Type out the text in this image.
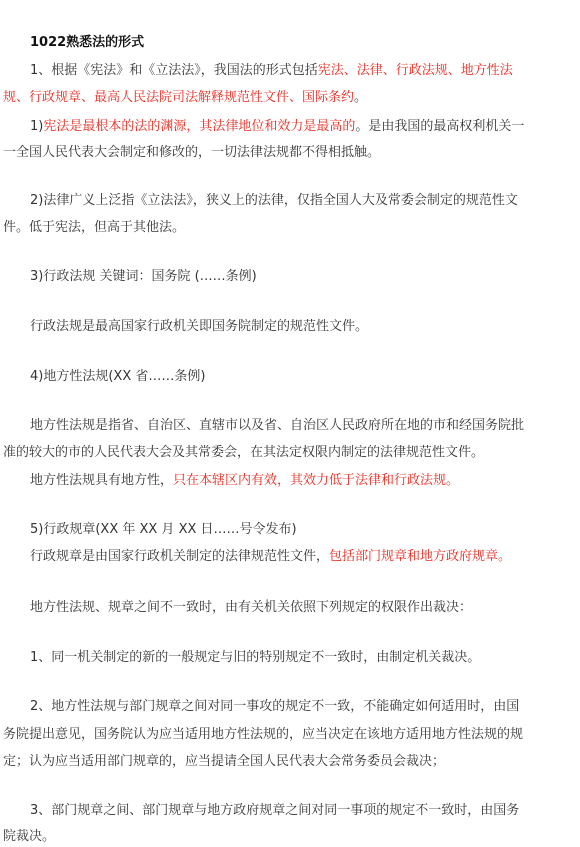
1022熟悉法的形式
1、根据《宪法》和《立法法》，我国法的形式包括宪法、法律、行政法规、地方性法
规、行政规章、最高人民法院司法解释规范性文件、国际条约。
1)宪法是最根本的法的渊源，其法律地位和效力是最高的。是由我国的最高权利机关一
一全国人民代表大会制定和修改的，一切法律法规都不得相抵触。
2)法律广义上泛指《立法法》，狭义上的法律，仅指全国人大及常委会制定的规范性文
件。低于宪法，但高于其他法。
3)行政法规 关键词：国务院 (……条例)
行政法规是最高国家行政机关即国务院制定的规范性文件。
4)地方性法规(XX 省……条例)
地方性法规是指省、自治区、直辖市以及省、自治区人民政府所在地的市和经国务院批
准的较大的市的人民代表大会及其常委会，在其法定权限内制定的法律规范性文件。
地方性法规具有地方性，只在本辖区内有效，其效力低于法律和行政法规。
5)行政规章(XX 年 XX 月 XX 日……号令发布)
行政规章是由国家行政机关制定的法律规范性文件，包括部门规章和地方政府规章。
地方性法规、规章之间不一致时，由有关机关依照下列规定的权限作出裁决：
1、同一机关制定的新的一般规定与旧的特别规定不一致时，由制定机关裁决。
2、地方性法规与部门规章之间对同一事攻的规定不一致，不能确定如何适用时，由国
务院提出意见，国务院认为应当适用地方性法规的，应当决定在该地方适用地方性法规的规
定；认为应当适用部门规章的，应当提请全国人民代表大会常务委员会裁决；
3、部门规章之间、部门规章与地方政府规章之间对同一事项的规定不一致时，由国务
院裁决。
